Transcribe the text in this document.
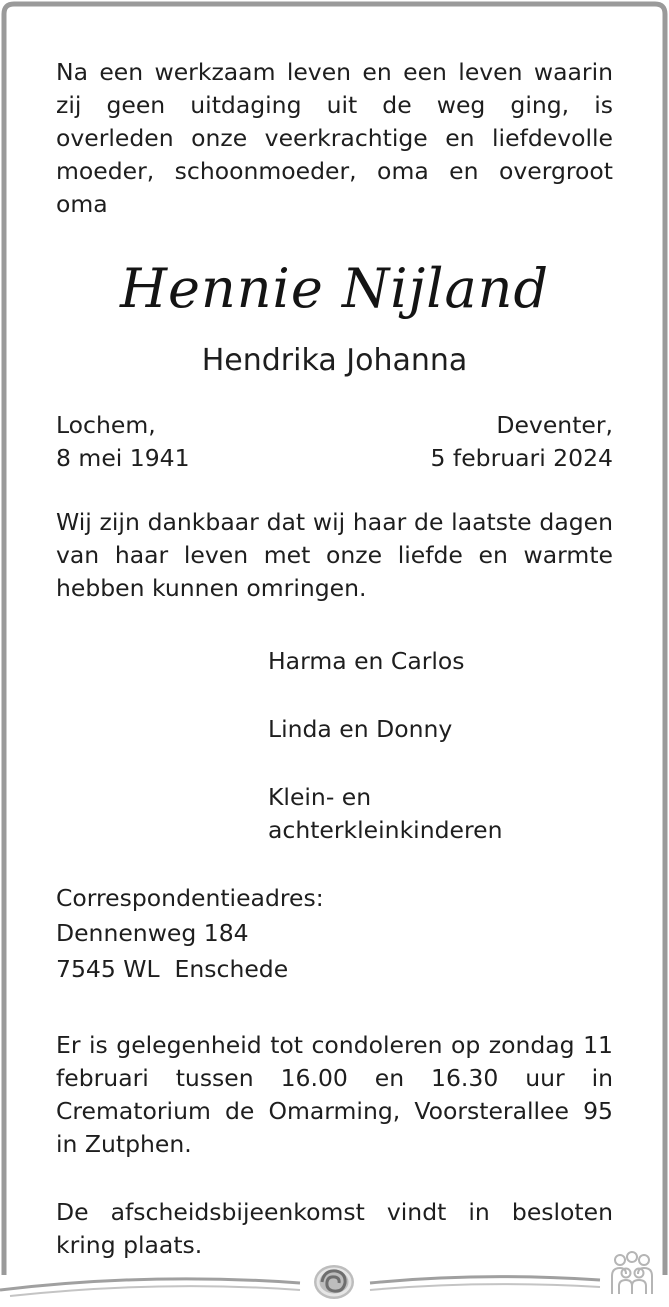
Na een werkzaam leven en een leven waarin zij geen uitdaging uit de weg ging, is overleden onze veerkrachtige en liefdevolle moeder, schoonmoeder, oma en overgroot oma

Hennie Nijland
Hendrika Johanna
Lochem,
8 mei 1941
Deventer,
5 februari 2024

Wij zijn dankbaar dat wij haar de laatste dagen van haar leven met onze liefde en warmte hebben kunnen omringen.

Harma en Carlos
Linda en Donny
Klein- en achterkleinkinderen
Correspondentieadres:
Dennenweg 184
7545 WL  Enschede

Er is gelegenheid tot condoleren op zondag 11 februari tussen 16.00 en 16.30 uur in Crematorium de Omarming, Voorsterallee 95 in Zutphen.

De afscheidsbijeenkomst vindt in besloten kring plaats.
